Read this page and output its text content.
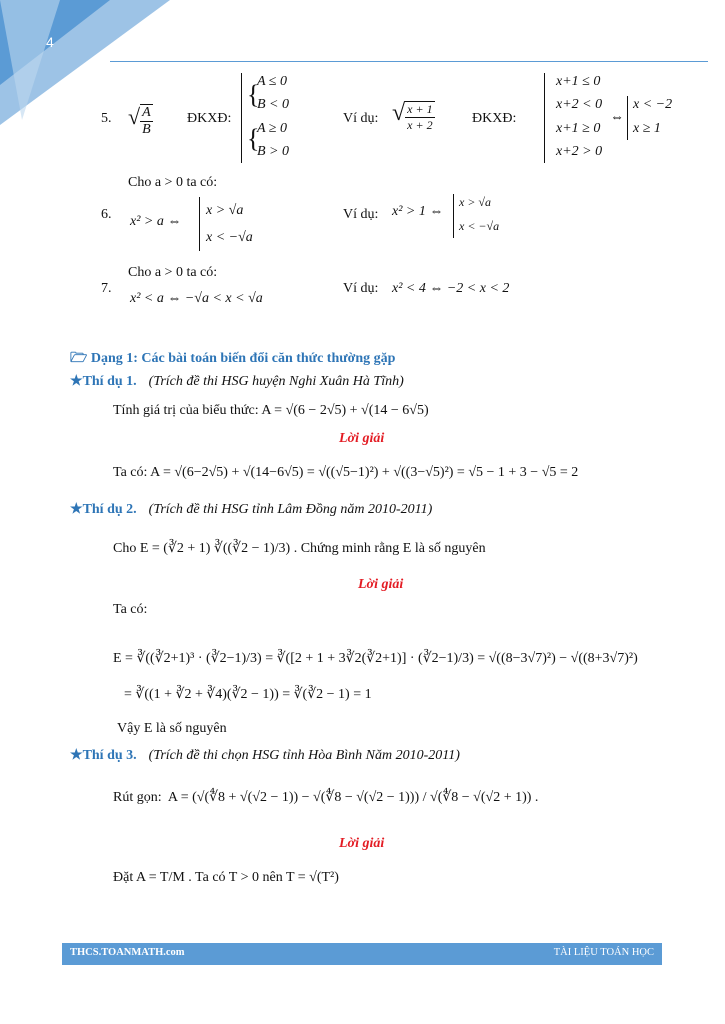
4
5. √ $\frac{A}{B}$ ĐKXĐ:
{
{
A ≤ 0
B < 0
A ≥ 0
B > 0
Ví dụ: √ $\frac{x + 1}{x + 2}$	ĐKXĐ:
x+1 ≤ 0
x+2 < 0
x+1 ≥ 0
x+2 > 0
⇔
x < −2
x ≥ 1
Cho a > 0 ta có:
6. x² > a ⇔
x > √a
x < −√a
Ví dụ: x² > 1 ⇔
x > √a
x < −√a
Cho a > 0 ta có:
7.
x² < a ⇔ −√a < x < √a
Ví dụ: x² < 4 ⇔ −2 < x < 2
🗁 Dạng 1: Các bài toán biến đổi căn thức thường gặp
★Thí dụ 1. (Trích đề thi HSG huyện Nghi Xuân Hà Tĩnh)
Tính giá trị của biểu thức: A = √(6 − 2√5) + √(14 − 6√5)
Lời giải
Ta có: A = √(6−2√5) + √(14−6√5) = √((√5−1)²) + √((3−√5)²) = √5 − 1 + 3 − √5 = 2
★Thí dụ 2. (Trích đề thi HSG tỉnh Lâm Đồng năm 2010-2011)
Cho E = (∛2 + 1) ∛((∛2 − 1)/3) . Chứng minh rằng E là số nguyên
Lời giải
Ta có:
E = ∛((∛2+1)³ · (∛2−1)/3) = ∛([2 + 1 + 3∛2(∛2+1)] · (∛2−1)/3) = √((8−3√7)²) − √((8+3√7)²)
= ∛((1 + ∛2 + ∛4)(∛2 − 1)) = ∛(∛2 − 1) = 1
Vậy E là số nguyên
★Thí dụ 3. (Trích đề thi chọn HSG tỉnh Hòa Bình Năm 2010-2011)
Rút gọn: A = (√(∜8 + √(√2 − 1)) − √(∜8 − √(√2 − 1))) / √(∜8 − √(√2 + 1)) .
Lời giải
Đặt A = T/M . Ta có T > 0 nên T = √(T²)
THCS.TOANMATH.com	TÀI LIỆU TOÁN HỌC
